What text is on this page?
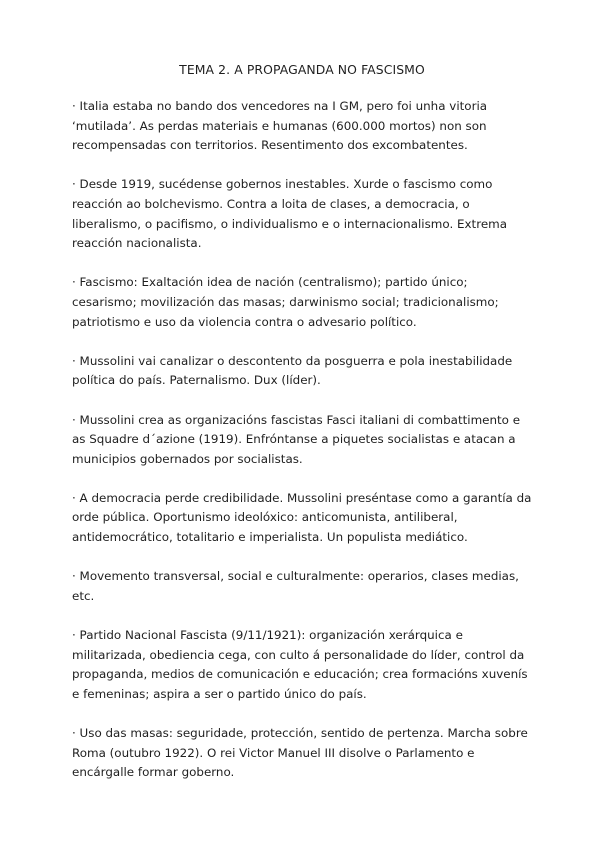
TEMA 2. A PROPAGANDA NO FASCISMO

· Italia estaba no bando dos vencedores na I GM, pero foi unha vitoria ‘mutilada’. As perdas materiais e humanas (600.000 mortos) non son recompensadas con territorios. Resentimento dos excombatentes.

· Desde 1919, sucédense gobernos inestables. Xurde o fascismo como reacción ao bolchevismo. Contra a loita de clases, a democracia, o liberalismo, o pacifismo, o individualismo e o internacionalismo. Extrema reacción nacionalista.

· Fascismo: Exaltación idea de nación (centralismo); partido único; cesarismo; movilización das masas; darwinismo social; tradicionalismo; patriotismo e uso da violencia contra o advesario político.

· Mussolini vai canalizar o descontento da posguerra e pola inestabilidade política do país. Paternalismo. Dux (líder).

· Mussolini crea as organizacións fascistas Fasci italiani di combattimento e as Squadre d´azione (1919). Enfróntanse a piquetes socialistas e atacan a municipios gobernados por socialistas.

· A democracia perde credibilidade. Mussolini preséntase como a garantía da orde pública. Oportunismo ideolóxico: anticomunista, antiliberal, antidemocrático, totalitario e imperialista. Un populista mediático.

· Movemento transversal, social e culturalmente: operarios, clases medias, etc.

· Partido Nacional Fascista (9/11/1921): organización xerárquica e militarizada, obediencia cega, con culto á personalidade do líder, control da propaganda, medios de comunicación e educación; crea formacións xuvenís e femeninas; aspira a ser o partido único do país.

· Uso das masas: seguridade, protección, sentido de pertenza. Marcha sobre Roma (outubro 1922). O rei Victor Manuel III disolve o Parlamento e encárgalle formar goberno.
